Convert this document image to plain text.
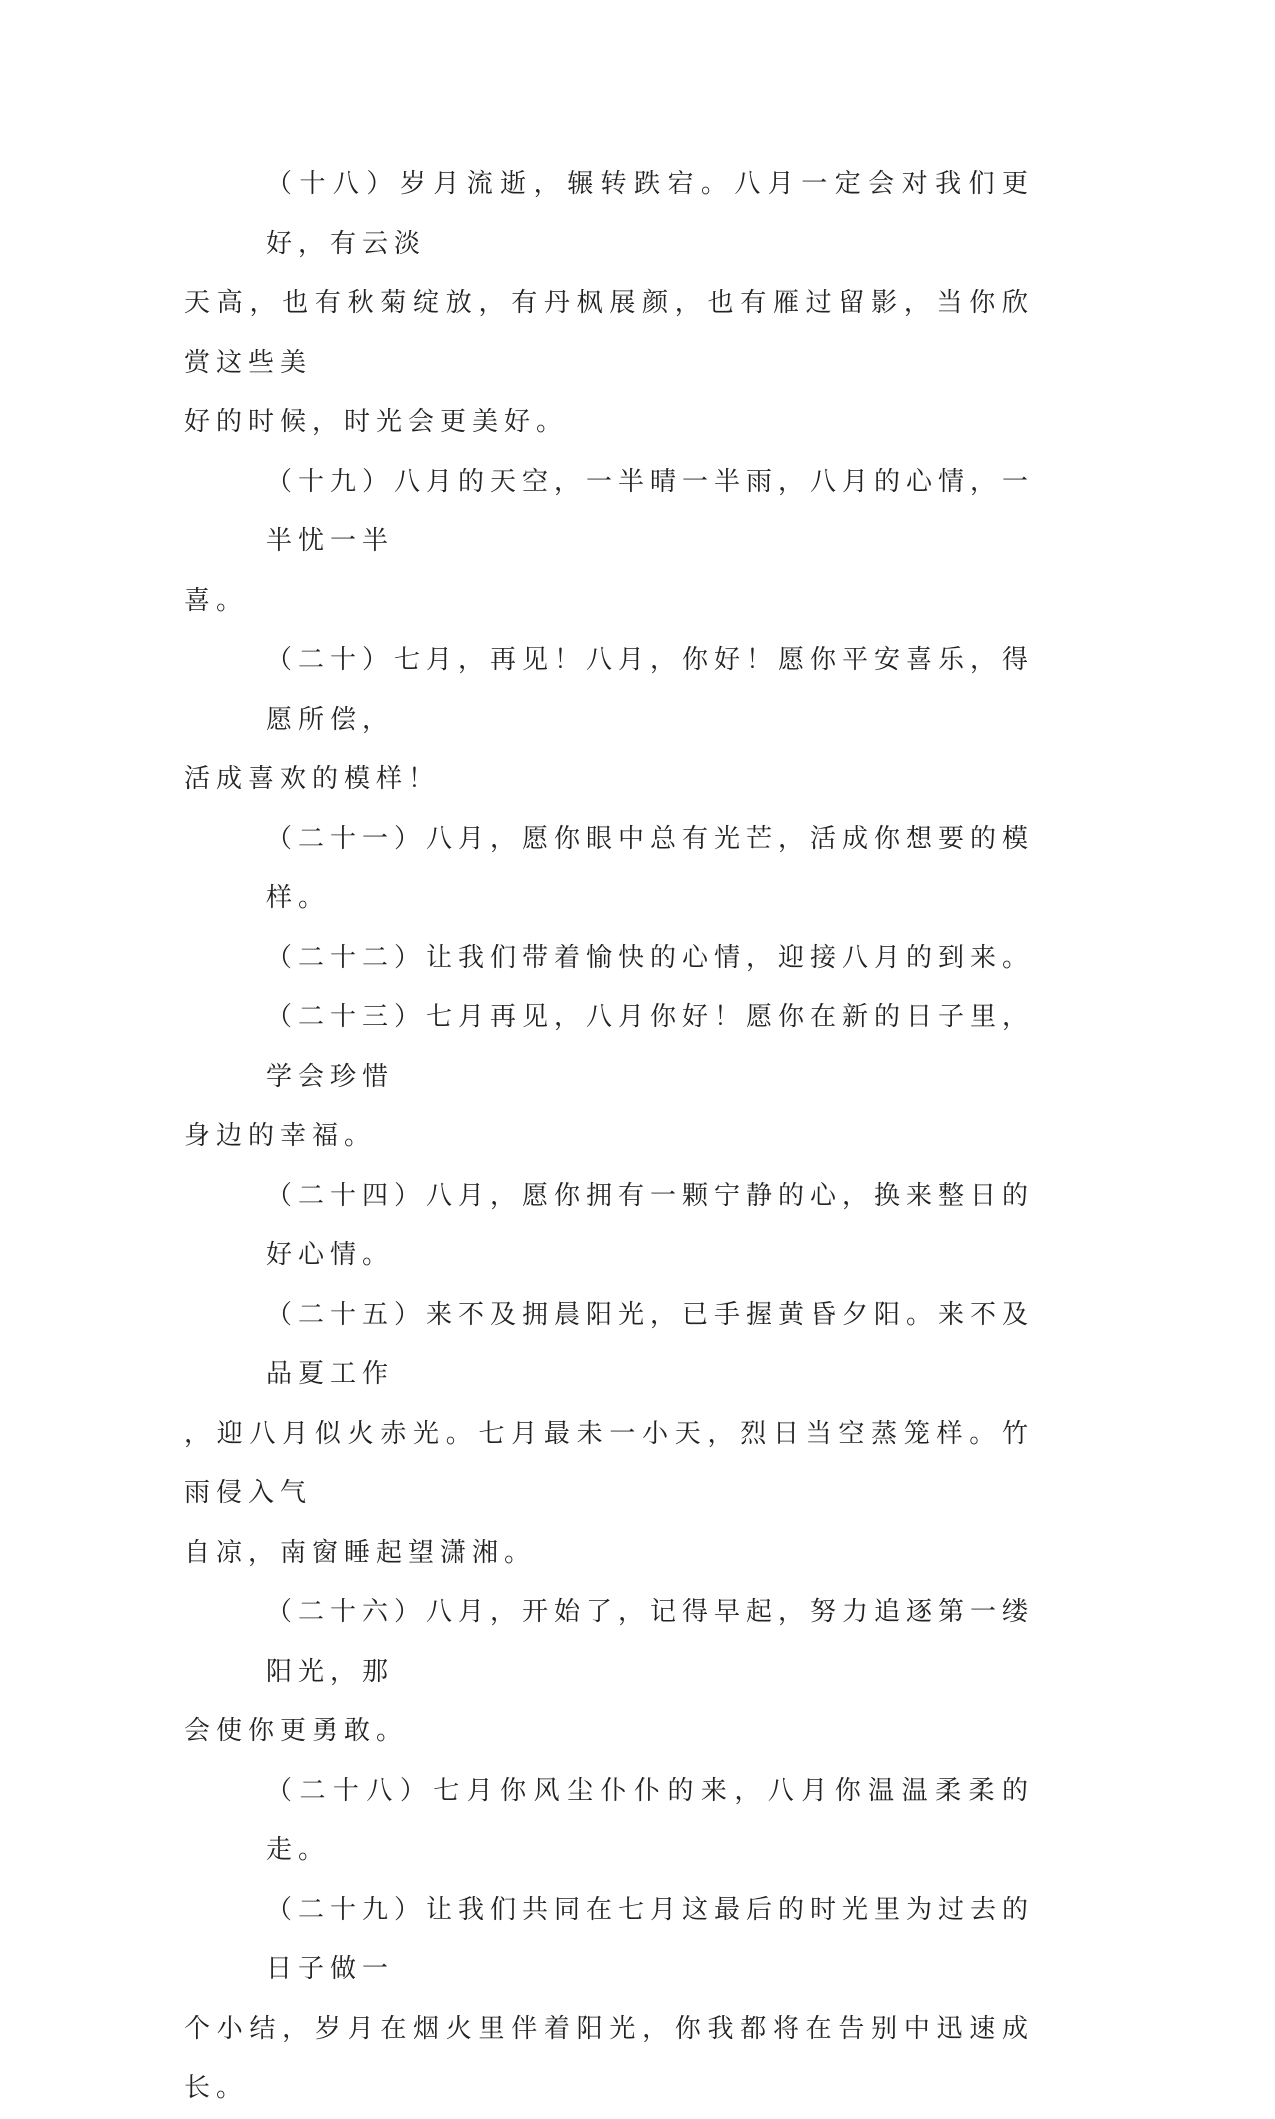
（十八）岁月流逝，辗转跌宕。八月一定会对我们更好，有云淡
天高，也有秋菊绽放，有丹枫展颜，也有雁过留影，当你欣赏这些美
好的时候，时光会更美好。
（十九）八月的天空，一半晴一半雨，八月的心情，一半忧一半
喜。
（二十）七月，再见！八月，你好！愿你平安喜乐，得愿所偿，
活成喜欢的模样！
（二十一）八月，愿你眼中总有光芒，活成你想要的模样。
（二十二）让我们带着愉快的心情，迎接八月的到来。
（二十三）七月再见，八月你好！愿你在新的日子里，学会珍惜
身边的幸福。
（二十四）八月，愿你拥有一颗宁静的心，换来整日的好心情。
（二十五）来不及拥晨阳光，已手握黄昏夕阳。来不及品夏工作
，迎八月似火赤光。七月最未一小天，烈日当空蒸笼样。竹雨侵入气
自凉，南窗睡起望潇湘。
（二十六）八月，开始了，记得早起，努力追逐第一缕阳光，那
会使你更勇敢。
（二十八）七月你风尘仆仆的来，八月你温温柔柔的走。
（二十九）让我们共同在七月这最后的时光里为过去的日子做一
个小结，岁月在烟火里伴着阳光，你我都将在告别中迅速成长。
